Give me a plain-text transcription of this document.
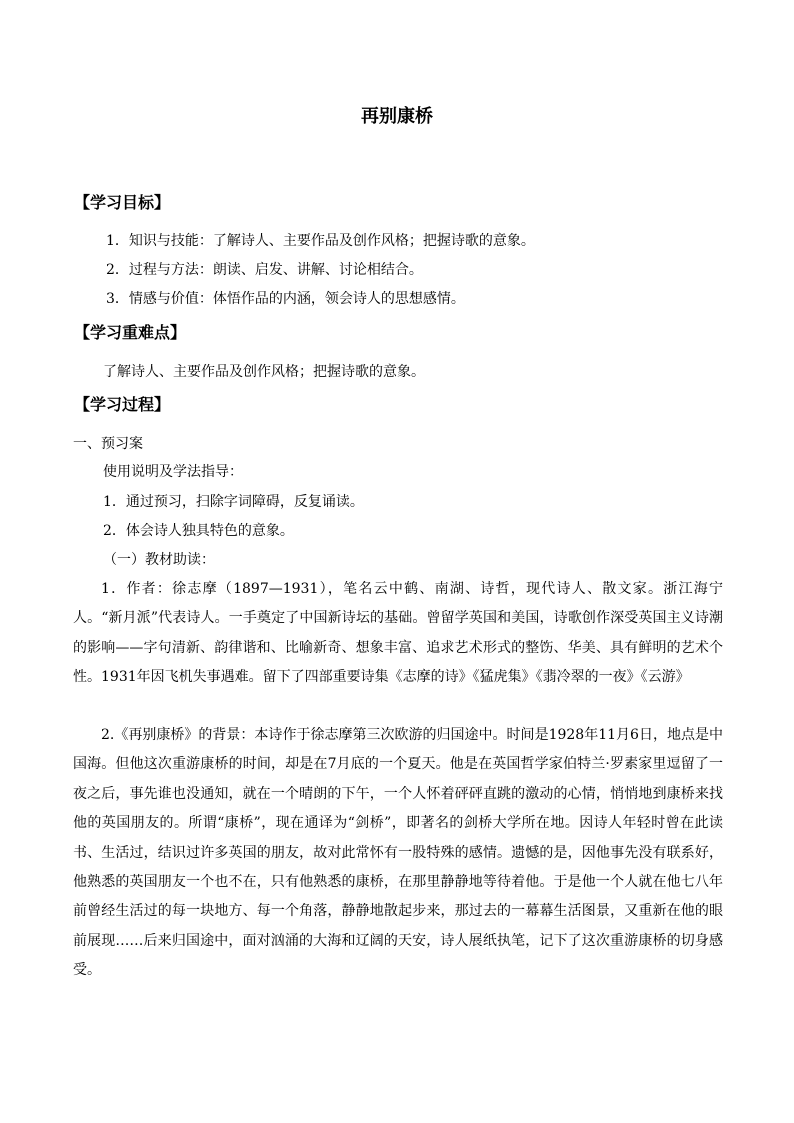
再别康桥
【学习目标】
1．知识与技能：了解诗人、主要作品及创作风格；把握诗歌的意象。
2．过程与方法：朗读、启发、讲解、讨论相结合。
3．情感与价值：体悟作品的内涵，领会诗人的思想感情。
【学习重难点】
了解诗人、主要作品及创作风格；把握诗歌的意象。
【学习过程】
一、预习案
使用说明及学法指导：
1．通过预习，扫除字词障碍，反复诵读。
2．体会诗人独具特色的意象。
（一）教材助读：
1．作者：徐志摩（1897—1931），笔名云中鹤、南湖、诗哲，现代诗人、散文家。浙江海宁人。“新月派”代表诗人。一手奠定了中国新诗坛的基础。曾留学英国和美国，诗歌创作深受英国主义诗潮的影响——字句清新、韵律谐和、比喻新奇、想象丰富、追求艺术形式的整饬、华美、具有鲜明的艺术个性。1931年因飞机失事遇难。留下了四部重要诗集《志摩的诗》《猛虎集》《翡冷翠的一夜》《云游》
2.《再别康桥》的背景：本诗作于徐志摩第三次欧游的归国途中。时间是1928年11月6日，地点是中国海。但他这次重游康桥的时间，却是在7月底的一个夏天。他是在英国哲学家伯特兰·罗素家里逗留了一夜之后，事先谁也没通知，就在一个晴朗的下午，一个人怀着砰砰直跳的激动的心情，悄悄地到康桥来找他的英国朋友的。所谓“康桥”，现在通译为“剑桥”，即著名的剑桥大学所在地。因诗人年轻时曾在此读书、生活过，结识过许多英国的朋友，故对此常怀有一股特殊的感情。遗憾的是，因他事先没有联系好，他熟悉的英国朋友一个也不在，只有他熟悉的康桥，在那里静静地等待着他。于是他一个人就在他七八年前曾经生活过的每一块地方、每一个角落，静静地散起步来，那过去的一幕幕生活图景，又重新在他的眼前展现……后来归国途中，面对汹涌的大海和辽阔的天安，诗人展纸执笔，记下了这次重游康桥的切身感受。
